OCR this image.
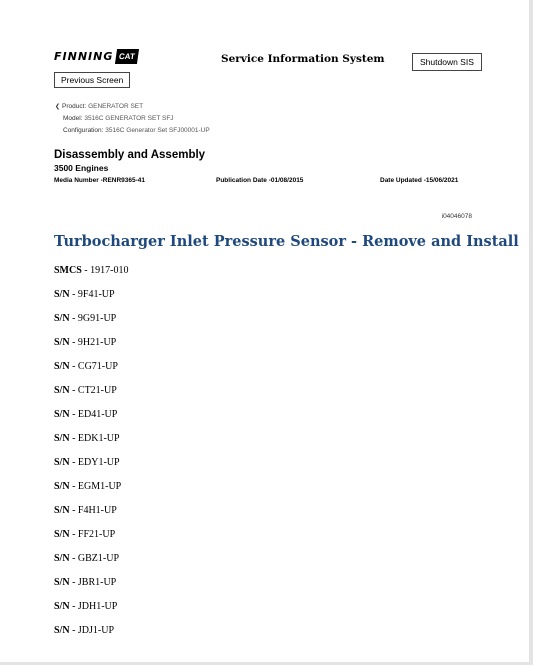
FINNING CAT
Previous Screen
Service Information System	Shutdown SIS
❮ Product: GENERATOR SET
Model: 3516C GENERATOR SET SFJ
Configuration: 3516C Generator Set SFJ00001-UP
Disassembly and Assembly
3500 Engines
Media Number -RENR9365-41	Publication Date -01/08/2015	Date Updated -15/06/2021
i04046078
Turbocharger Inlet Pressure Sensor - Remove and Install
SMCS - 1917-010
S/N - 9F41-UP
S/N - 9G91-UP
S/N - 9H21-UP
S/N - CG71-UP
S/N - CT21-UP
S/N - ED41-UP
S/N - EDK1-UP
S/N - EDY1-UP
S/N - EGM1-UP
S/N - F4H1-UP
S/N - FF21-UP
S/N - GBZ1-UP
S/N - JBR1-UP
S/N - JDH1-UP
S/N - JDJ1-UP
